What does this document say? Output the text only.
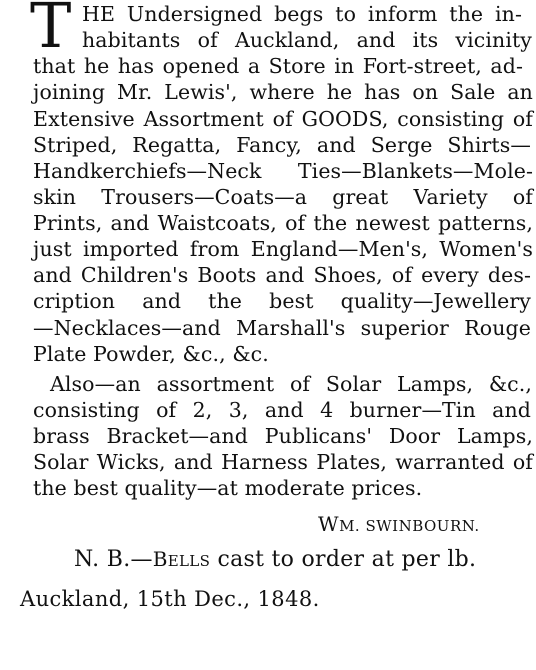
T HE Undersigned begs to inform the in-
habitants of Auckland, and its vicinity
that he has opened a Store in Fort-street, ad-
joining Mr. Lewis', where he has on Sale an
Extensive Assortment of GOODS, consisting of
Striped, Regatta, Fancy, and Serge Shirts—
Handkerchiefs—Neck Ties—Blankets—Mole-
skin Trousers—Coats—a great Variety of
Prints, and Waistcoats, of the newest patterns,
just imported from England—Men's, Women's
and Children's Boots and Shoes, of every des-
cription and the best quality—Jewellery
—Necklaces—and Marshall's superior Rouge
Plate Powder, &c., &c.
Also—an assortment of Solar Lamps, &c.,
consisting of 2, 3, and 4 burner—Tin and
brass Bracket—and Publicans' Door Lamps,
Solar Wicks, and Harness Plates, warranted of
the best quality—at moderate prices.
WM. SWINBOURN.
N. B.—BELLS cast to order at per lb.
Auckland, 15th Dec., 1848.
